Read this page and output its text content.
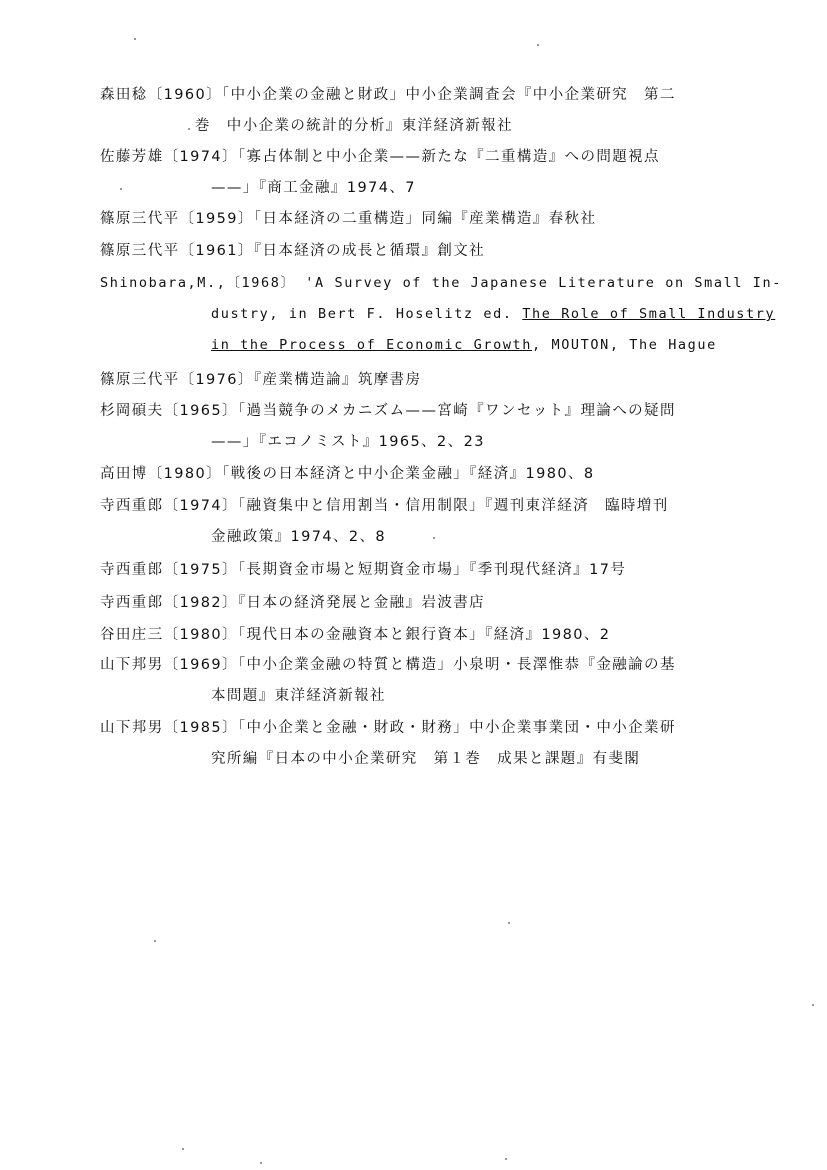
森田稔〔1960〕「中小企業の金融と財政」中小企業調査会『中小企業研究　第二
巻　中小企業の統計的分析』東洋経済新報社
佐藤芳雄〔1974〕「寡占体制と中小企業——新たな『二重構造』への問題視点
——」『商工金融』1974、7
篠原三代平〔1959〕「日本経済の二重構造」同編『産業構造』春秋社
篠原三代平〔1961〕『日本経済の成長と循環』創文社
Shinobara,M.,〔1968〕 'A Survey of the Japanese Literature on Small In-
dustry, in Bert F. Hoselitz ed. The Role of Small Industry
in the Process of Economic Growth, MOUTON, The Hague
篠原三代平〔1976〕『産業構造論』筑摩書房
杉岡碩夫〔1965〕「過当競争のメカニズム——宮崎『ワンセット』理論への疑問
——」『エコノミスト』1965、2、23
高田博〔1980〕「戦後の日本経済と中小企業金融」『経済』1980、8
寺西重郎〔1974〕「融資集中と信用割当・信用制限」『週刊東洋経済　臨時増刊
金融政策』1974、2、8
寺西重郎〔1975〕「長期資金市場と短期資金市場」『季刊現代経済』17号
寺西重郎〔1982〕『日本の経済発展と金融』岩波書店
谷田庄三〔1980〕「現代日本の金融資本と銀行資本」『経済』1980、2
山下邦男〔1969〕「中小企業金融の特質と構造」小泉明・長澤惟恭『金融論の基
本問題』東洋経済新報社
山下邦男〔1985〕「中小企業と金融・財政・財務」中小企業事業団・中小企業研
究所編『日本の中小企業研究　第１巻　成果と課題』有斐閣
